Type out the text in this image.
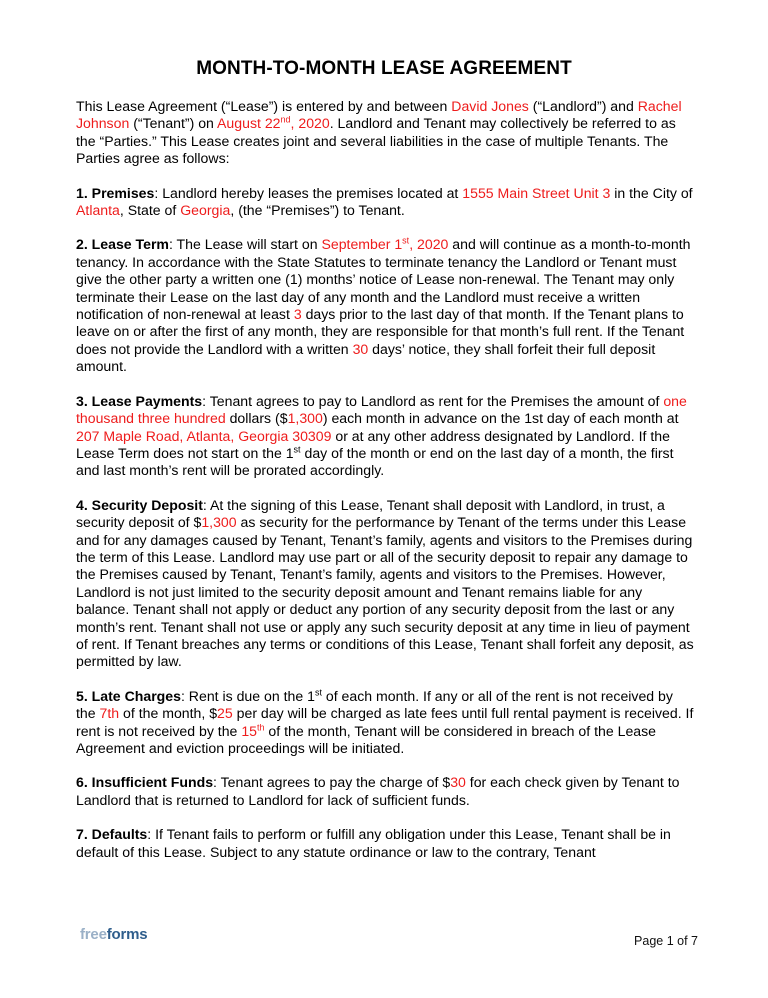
MONTH-TO-MONTH LEASE AGREEMENT

This Lease Agreement (“Lease”) is entered by and between David Jones (“Landlord”) and Rachel Johnson (“Tenant”) on August 22nd, 2020. Landlord and Tenant may collectively be referred to as the “Parties.” This Lease creates joint and several liabilities in the case of multiple Tenants. The Parties agree as follows:

1. Premises: Landlord hereby leases the premises located at 1555 Main Street Unit 3 in the City of Atlanta, State of Georgia, (the “Premises”) to Tenant.

2. Lease Term: The Lease will start on September 1st, 2020 and will continue as a month-to-month tenancy. In accordance with the State Statutes to terminate tenancy the Landlord or Tenant must give the other party a written one (1) months’ notice of Lease non-renewal. The Tenant may only terminate their Lease on the last day of any month and the Landlord must receive a written notification of non-renewal at least 3 days prior to the last day of that month. If the Tenant plans to leave on or after the first of any month, they are responsible for that month’s full rent. If the Tenant does not provide the Landlord with a written 30 days’ notice, they shall forfeit their full deposit amount.

3. Lease Payments: Tenant agrees to pay to Landlord as rent for the Premises the amount of one thousand three hundred dollars ($1,300) each month in advance on the 1st day of each month at 207 Maple Road, Atlanta, Georgia 30309 or at any other address designated by Landlord. If the Lease Term does not start on the 1st day of the month or end on the last day of a month, the first and last month’s rent will be prorated accordingly.

4. Security Deposit: At the signing of this Lease, Tenant shall deposit with Landlord, in trust, a security deposit of $1,300 as security for the performance by Tenant of the terms under this Lease and for any damages caused by Tenant, Tenant’s family, agents and visitors to the Premises during the term of this Lease. Landlord may use part or all of the security deposit to repair any damage to the Premises caused by Tenant, Tenant’s family, agents and visitors to the Premises. However, Landlord is not just limited to the security deposit amount and Tenant remains liable for any balance. Tenant shall not apply or deduct any portion of any security deposit from the last or any month’s rent. Tenant shall not use or apply any such security deposit at any time in lieu of payment of rent. If Tenant breaches any terms or conditions of this Lease, Tenant shall forfeit any deposit, as permitted by law.

5. Late Charges: Rent is due on the 1st of each month. If any or all of the rent is not received by the 7th of the month, $25 per day will be charged as late fees until full rental payment is received. If rent is not received by the 15th of the month, Tenant will be considered in breach of the Lease Agreement and eviction proceedings will be initiated.

6. Insufficient Funds: Tenant agrees to pay the charge of $30 for each check given by Tenant to Landlord that is returned to Landlord for lack of sufficient funds.

7. Defaults: If Tenant fails to perform or fulfill any obligation under this Lease, Tenant shall be in default of this Lease. Subject to any statute ordinance or law to the contrary, Tenant

freeforms	Page 1 of 7
